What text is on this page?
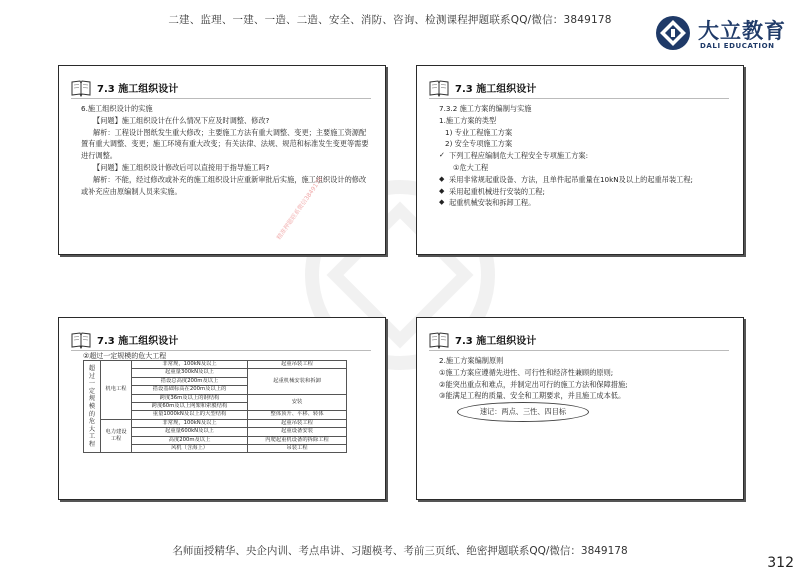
二建、监理、一建、一造、二造、安全、消防、咨询、检测课程押题联系QQ/微信：3849178	大立教育
DALI EDUCATION
7.3 施工组织设计

6.施工组织设计的实施

【问题】施工组织设计在什么情况下应及时调整、修改?

解析：工程设计图纸发生重大修改；主要施工方法有重大调整、变更；主要施工资源配置有重大调整、变更；施工环境有重大改变；有关法律、法规、规范和标准发生变更等需要进行调整。

【问题】施工组织设计修改后可以直接用于指导施工吗?

解析：不能，经过修改或补充的施工组织设计应重新审批后实施，施工组织设计的修改或补充应由原编制人员来实施。	精准押题联系微信3849178
7.3 施工组织设计

7.3.2 施工方案的编制与实施

1.施工方案的类型

1) 专业工程施工方案

2) 安全专项施工方案

✓ 下列工程应编制危大工程安全专项施工方案:

①危大工程

◆ 采用非常规起重设备、方法，且单件起吊重量在10kN及以上的起重吊装工程;

◆ 采用起重机械进行安装的工程;

◆ 起重机械安装和拆卸工程。

7.3 施工组织设计
②超过一定规模的危大工程
超过一定规模的危大工程	机电工程	非常规，100kN及以上	起重吊装工程
		起重量300kN及以上	起重机械安装和拆卸
		搭设总高度200m及以上	
		搭设基础标高在200m及以上的	
		跨度36m及以上的钢结构	安装
		跨度60m及以上网架和索膜结构	
		重量1000kN及以上的大型结构	整体顶升、平移、转体
	电力建设工程	非常规，100kN及以上	起重吊装工程
		起重量600kN及以上	起重设备安装
		高度200m及以上	内爬起重机设备的拆除工程
		风机（含海上）	吊装工程
7.3 施工组织设计

2.施工方案编制原则

①施工方案应遵循先进性、可行性和经济性兼顾的原则;

②能突出重点和难点，并制定出可行的施工方法和保障措施;

③能满足工程的质量、安全和工期要求，并且施工成本低。

速记：两点、三性、四目标
名师面授精华、央企内训、考点串讲、习题模考、考前三页纸、绝密押题联系QQ/微信：3849178
312
